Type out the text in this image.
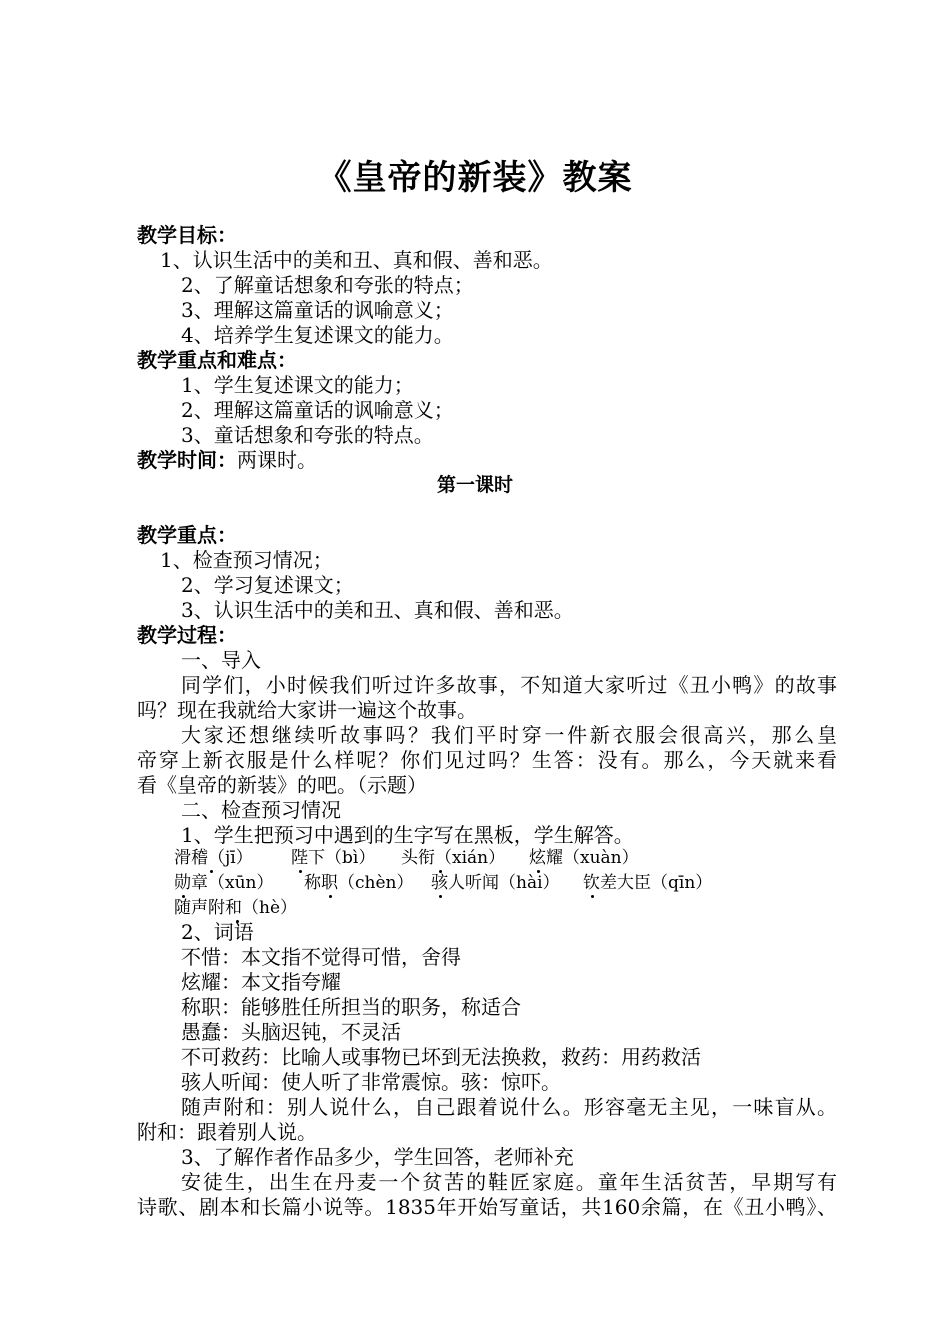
《皇帝的新装》教案
教学目标：
1、认识生活中的美和丑、真和假、善和恶。
2、了解童话想象和夸张的特点；
3、理解这篇童话的讽喻意义；
4、培养学生复述课文的能力。
教学重点和难点：
1、学生复述课文的能力；
2、理解这篇童话的讽喻意义；
3、童话想象和夸张的特点。
教学时间：两课时。
第一课时
教学重点：
1、检查预习情况；
2、学习复述课文；
3、认识生活中的美和丑、真和假、善和恶。
教学过程：
一、导入
同学们，小时候我们听过许多故事，不知道大家听过《丑小鸭》的故事
吗？现在我就给大家讲一遍这个故事。
大家还想继续听故事吗？我们平时穿一件新衣服会很高兴，那么皇
帝穿上新衣服是什么样呢？你们见过吗？生答：没有。那么，今天就来看
看《皇帝的新装》的吧。（示题）
二、检查预习情况
1、学生把预习中遇到的生字写在黑板，学生解答。
滑稽（jī） 陛下（bì） 头衔（xián） 炫耀（xuàn）
勋章（xūn） 称职（chèn） 骇人听闻（hài） 钦差大臣（qīn）
随声附和（hè）
2、词语
不惜：本文指不觉得可惜，舍得
炫耀：本文指夸耀
称职：能够胜任所担当的职务，称适合
愚蠢：头脑迟钝，不灵活
不可救药：比喻人或事物已坏到无法换救，救药：用药救活
骇人听闻：使人听了非常震惊。骇：惊吓。
随声附和：别人说什么，自己跟着说什么。形容毫无主见，一味盲从。
附和：跟着别人说。
3、了解作者作品多少，学生回答，老师补充
安徒生，出生在丹麦一个贫苦的鞋匠家庭。童年生活贫苦，早期写有
诗歌、剧本和长篇小说等。1835年开始写童话，共160余篇，在《丑小鸭》、
